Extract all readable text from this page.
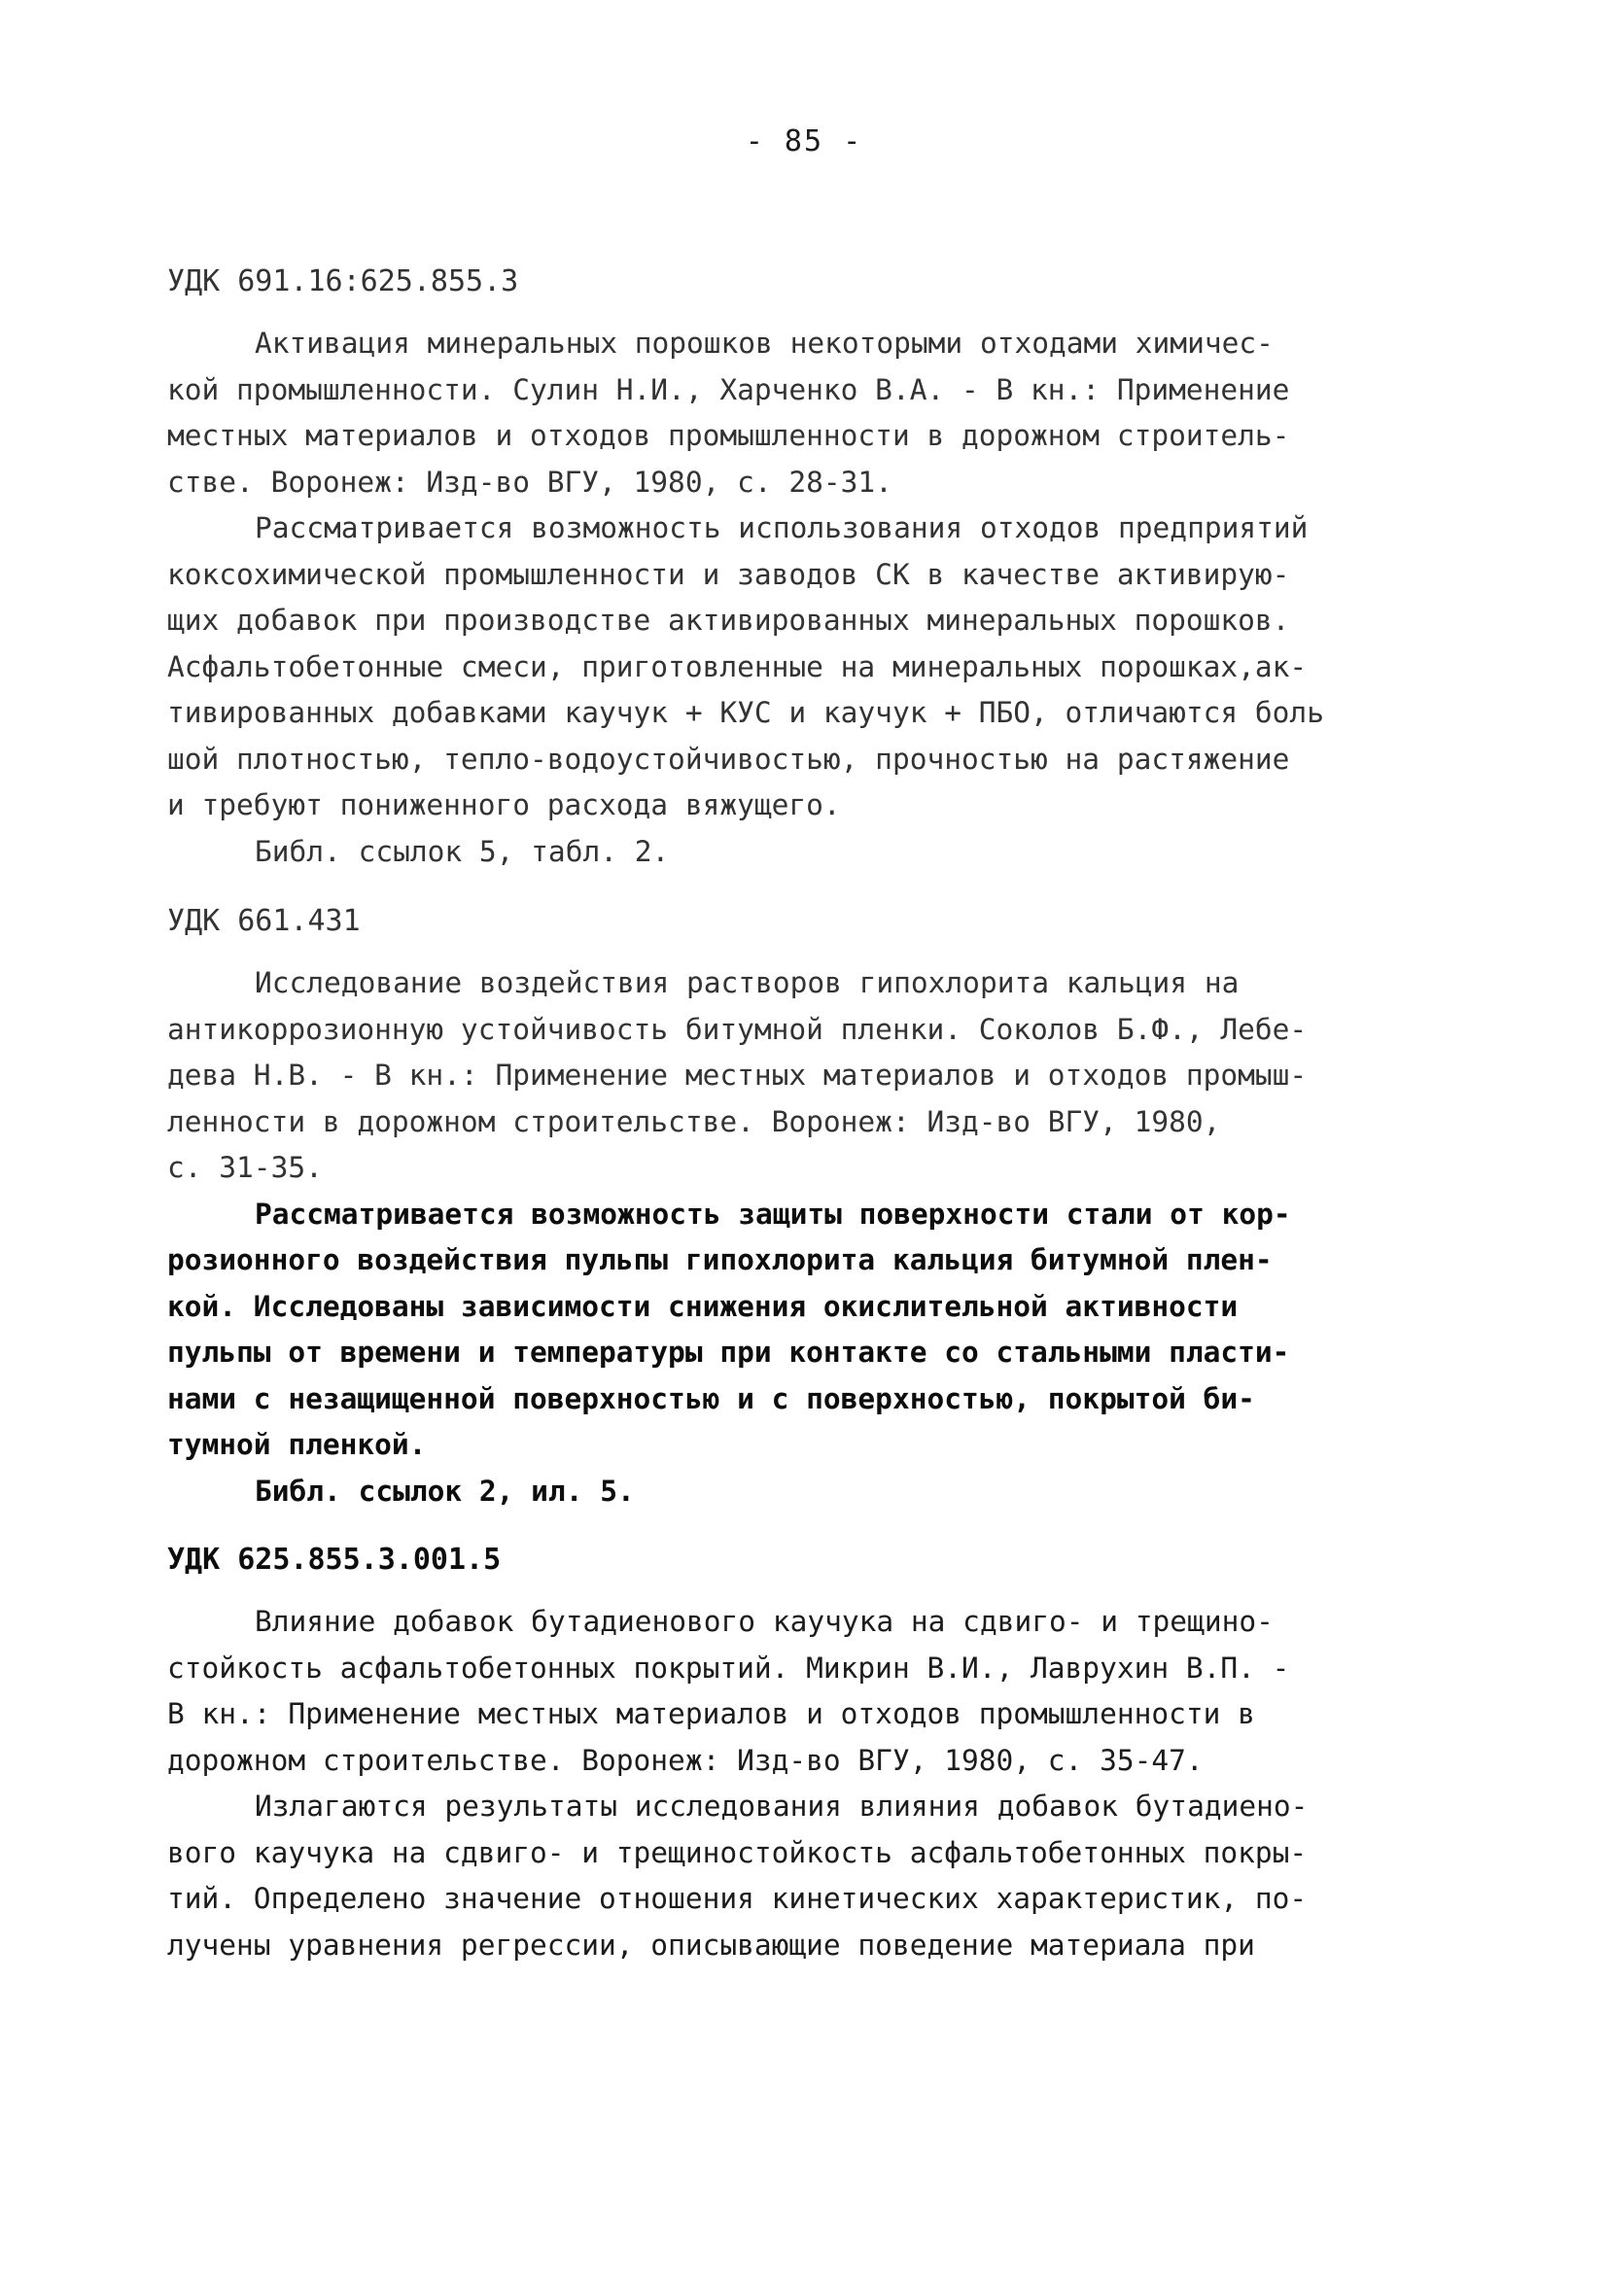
- 85 -
УДК 691.16:625.855.3
Активация минеральных порошков некоторыми отходами химичес-
кой промышленности. Сулин Н.И., Харченко В.А. - В кн.: Применение
местных материалов и отходов промышленности в дорожном строитель-
стве. Воронеж: Изд-во ВГУ, 1980, с. 28-31.
Рассматривается возможность использования отходов предприятий
коксохимической промышленности и заводов СК в качестве активирую-
щих добавок при производстве активированных минеральных порошков.
Асфальтобетонные смеси, приготовленные на минеральных порошках,ак-
тивированных добавками каучук + КУС и каучук + ПБО, отличаются боль
шой плотностью, тепло-водоустойчивостью, прочностью на растяжение
и требуют пониженного расхода вяжущего.
Библ. ссылок 5, табл. 2.
УДК 661.431
Исследование воздействия растворов гипохлорита кальция на
антикоррозионную устойчивость битумной пленки. Соколов Б.Ф., Лебе-
дева Н.В. - В кн.: Применение местных материалов и отходов промыш-
ленности в дорожном строительстве. Воронеж: Изд-во ВГУ, 1980,
с. 31-35.
Рассматривается возможность защиты поверхности стали от кор-
розионного воздействия пульпы гипохлорита кальция битумной плен-
кой. Исследованы зависимости снижения окислительной активности
пульпы от времени и температуры при контакте со стальными пласти-
нами с незащищенной поверхностью и с поверхностью, покрытой би-
тумной пленкой.
Библ. ссылок 2, ил. 5.
УДК 625.855.3.001.5
Влияние добавок бутадиенового каучука на сдвиго- и трещино-
стойкость асфальтобетонных покрытий. Микрин В.И., Лаврухин В.П. -
В кн.: Применение местных материалов и отходов промышленности в
дорожном строительстве. Воронеж: Изд-во ВГУ, 1980, с. 35-47.
Излагаются результаты исследования влияния добавок бутадиено-
вого каучука на сдвиго- и трещиностойкость асфальтобетонных покры-
тий. Определено значение отношения кинетических характеристик, по-
лучены уравнения регрессии, описывающие поведение материала при
